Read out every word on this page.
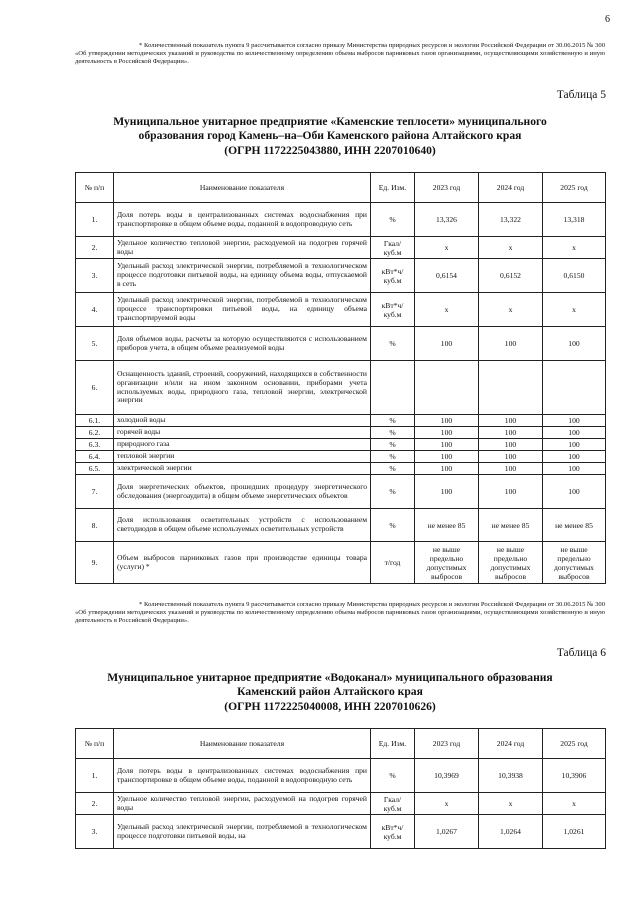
6
* Количественный показатель пункта 9 рассчитывается согласно приказу Министерства природных ресурсов и экологии Российской Федерации от 30.06.2015 № 300 «Об утверждении методических указаний и руководства по количественному определению объема выбросов парниковых газов организациями, осуществляющими хозяйственную и иную деятельность в Российской Федерации».
Таблица 5
Муниципальное унитарное предприятие «Каменские теплосети» муниципального
образования город Камень–на–Оби Каменского района Алтайского края
(ОГРН 1172225043880, ИНН 2207010640)
№ п/п	Наименование показателя	Ед. Изм.	2023 год	2024 год	2025 год
1.	Доля потерь воды в централизованных системах водоснабжения при транспортировке в общем объеме воды, поданной в водопроводную сеть	%	13,326	13,322	13,318
2.	Удельное количество тепловой энергии, расходуемой на подогрев горячей воды	Гкал/ куб.м	х	х	х
3.	Удельный расход электрической энергии, потребляемой в технологическом процессе подготовки питьевой воды, на единицу объема воды, отпускаемой в сеть	кВт*ч/ куб.м	0,6154	0,6152	0,6150
4.	Удельный расход электрической энергии, потребляемой в технологическом процессе транспортировки питьевой воды, на единицу объема транспортируемой воды	кВт*ч/ куб.м	х	х	х
5.	Доля объемов воды, расчеты за которую осуществляются с использованием приборов учета, в общем объеме реализуемой воды	%	100	100	100
6.	Оснащенность зданий, строений, сооружений, находящихся в собственности организации и/или на ином законном основании, приборами учета используемых воды, природного газа, тепловой энергии, электрической энергии				
6.1.	холодной воды	%	100	100	100
6.2.	горячей воды	%	100	100	100
6.3.	природного газа	%	100	100	100
6.4.	тепловой энергии	%	100	100	100
6.5.	электрической энергии	%	100	100	100
7.	Доля энергетических объектов, прошедших процедуру энергетического обследования (энергоаудита) в общем объеме энергетических объектов	%	100	100	100
8.	Доля использования осветительных устройств с использованием светодиодов в общем объеме используемых осветительных устройств	%	не менее 85	не менее 85	не менее 85
9.	Объем выбросов парниковых газов при производстве единицы товара (услуги) *	т/год	не выше предельно допустимых выбросов	не выше предельно допустимых выбросов	не выше предельно допустимых выбросов
* Количественный показатель пункта 9 рассчитывается согласно приказу Министерства природных ресурсов и экологии Российской Федерации от 30.06.2015 № 300 «Об утверждении методических указаний и руководства по количественному определению объема выбросов парниковых газов организациями, осуществляющими хозяйственную и иную деятельность в Российской Федерации».
Таблица 6
Муниципальное унитарное предприятие «Водоканал» муниципального образования
Каменский район Алтайского края
(ОГРН 1172225040008, ИНН 2207010626)
№ п/п	Наименование показателя	Ед. Изм.	2023 год	2024 год	2025 год
1.	Доля потерь воды в централизованных системах водоснабжения при транспортировке в общем объеме воды, поданной в водопроводную сеть	%	10,3969	10,3938	10,3906
2.	Удельное количество тепловой энергии, расходуемой на подогрев горячей воды	Гкал/ куб.м	х	х	х
3.	Удельный расход электрической энергии, потребляемой в технологическом процессе подготовки питьевой воды, на	кВт*ч/ куб.м	1,0267	1,0264	1,0261
